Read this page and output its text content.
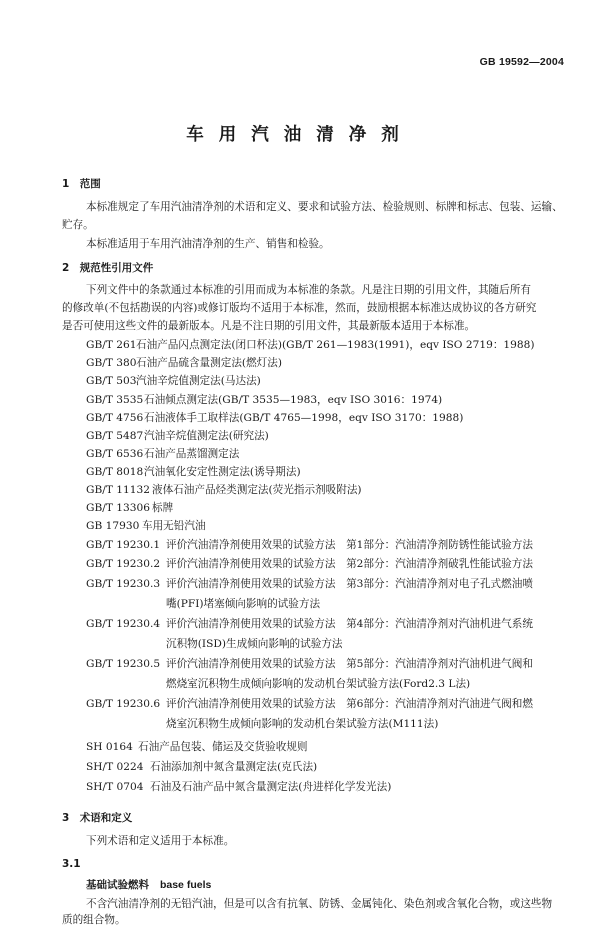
GB 19592—2004
车用汽油清净剂
1　范围
本标准规定了车用汽油清净剂的术语和定义、要求和试验方法、检验规则、标牌和标志、包装、运输、
贮存。
本标准适用于车用汽油清净剂的生产、销售和检验。
2　规范性引用文件
下列文件中的条款通过本标准的引用而成为本标准的条款。凡是注日期的引用文件，其随后所有
的修改单(不包括勘误的内容)或修订版均不适用于本标准，然而，鼓励根据本标准达成协议的各方研究
是否可使用这些文件的最新版本。凡是不注日期的引用文件，其最新版本适用于本标准。
GB/T 261石油产品闪点测定法(闭口杯法)(GB/T 261—1983(1991)，eqv ISO 2719：1988)
GB/T 380石油产品硫含量测定法(燃灯法)
GB/T 503汽油辛烷值测定法(马达法)
GB/T 3535石油倾点测定法(GB/T 3535—1983，eqv ISO 3016：1974)
GB/T 4756石油液体手工取样法(GB/T 4765—1998，eqv ISO 3170：1988)
GB/T 5487汽油辛烷值测定法(研究法)
GB/T 6536石油产品蒸馏测定法
GB/T 8018汽油氧化安定性测定法(诱导期法)
GB/T 11132 液体石油产品烃类测定法(荧光指示剂吸附法)
GB/T 13306 标牌
GB 17930 车用无铅汽油
GB/T 19230.1 评价汽油清净剂使用效果的试验方法　第1部分：汽油清净剂防锈性能试验方法
GB/T 19230.2 评价汽油清净剂使用效果的试验方法　第2部分：汽油清净剂破乳性能试验方法
GB/T 19230.3 评价汽油清净剂使用效果的试验方法　第3部分：汽油清净剂对电子孔式燃油喷
嘴(PFI)堵塞倾向影响的试验方法
GB/T 19230.4 评价汽油清净剂使用效果的试验方法　第4部分：汽油清净剂对汽油机进气系统
沉积物(ISD)生成倾向影响的试验方法
GB/T 19230.5 评价汽油清净剂使用效果的试验方法　第5部分：汽油清净剂对汽油机进气阀和
燃烧室沉积物生成倾向影响的发动机台架试验方法(Ford2.3 L法)
GB/T 19230.6 评价汽油清净剂使用效果的试验方法　第6部分：汽油清净剂对汽油进气阀和燃
烧室沉积物生成倾向影响的发动机台架试验方法(M111法)
SH 0164 石油产品包装、储运及交货验收规则
SH/T 0224 石油添加剂中氮含量测定法(克氏法)
SH/T 0704 石油及石油产品中氮含量测定法(舟进样化学发光法)
3　术语和定义
下列术语和定义适用于本标准。
3.1
基础试验燃料 base fuels
不含汽油清净剂的无铅汽油，但是可以含有抗氧、防锈、金属钝化、染色剂或含氧化合物，或这些物
质的组合物。
